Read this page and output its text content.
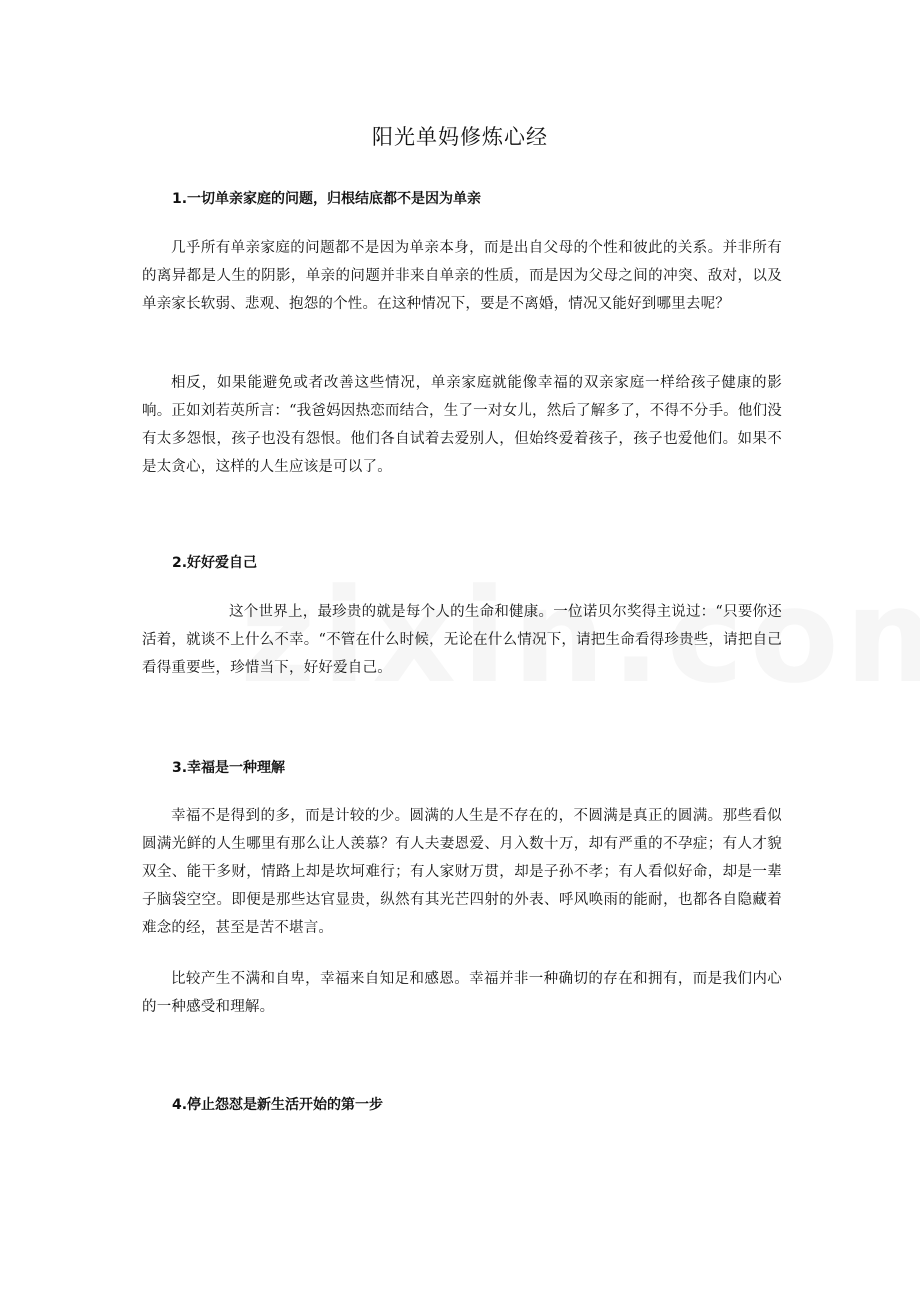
阳光单妈修炼心经
1.一切单亲家庭的问题，归根结底都不是因为单亲

几乎所有单亲家庭的问题都不是因为单亲本身，而是出自父母的个性和彼此的关系。并非所有的离异都是人生的阴影，单亲的问题并非来自单亲的性质，而是因为父母之间的冲突、敌对，以及单亲家长软弱、悲观、抱怨的个性。在这种情况下，要是不离婚，情况又能好到哪里去呢？

相反，如果能避免或者改善这些情况，单亲家庭就能像幸福的双亲家庭一样给孩子健康的影响。正如刘若英所言：“我爸妈因热恋而结合，生了一对女儿，然后了解多了，不得不分手。他们没有太多怨恨，孩子也没有怨恨。他们各自试着去爱别人，但始终爱着孩子，孩子也爱他们。如果不是太贪心，这样的人生应该是可以了。

2.好好爱自己

这个世界上，最珍贵的就是每个人的生命和健康。一位诺贝尔奖得主说过：“只要你还活着，就谈不上什么不幸。“不管在什么时候，无论在什么情况下，请把生命看得珍贵些，请把自己看得重要些，珍惜当下，好好爱自己。

3.幸福是一种理解

幸福不是得到的多，而是计较的少。圆满的人生是不存在的，不圆满是真正的圆满。那些看似圆满光鲜的人生哪里有那么让人羡慕？有人夫妻恩爱、月入数十万，却有严重的不孕症；有人才貌双全、能干多财，情路上却是坎坷难行；有人家财万贯，却是子孙不孝；有人看似好命，却是一辈子脑袋空空。即便是那些达官显贵，纵然有其光芒四射的外表、呼风唤雨的能耐，也都各自隐藏着难念的经，甚至是苦不堪言。

比较产生不满和自卑，幸福来自知足和感恩。幸福并非一种确切的存在和拥有，而是我们内心的一种感受和理解。

4.停止怨怼是新生活开始的第一步
